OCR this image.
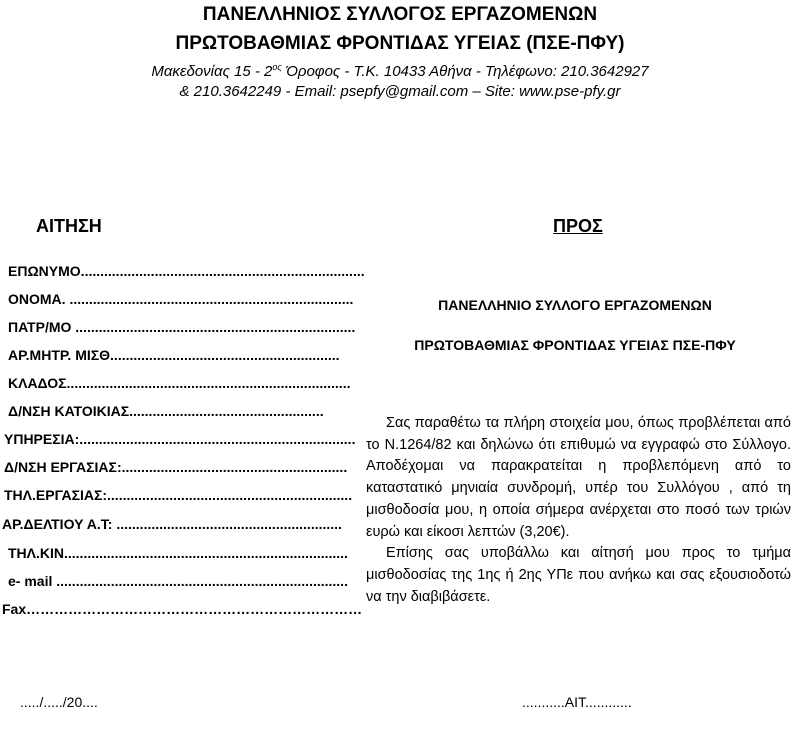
ΠΑΝΕΛΛΗΝΙΟΣ ΣΥΛΛΟΓΟΣ ΕΡΓΑΖΟΜΕΝΩΝ
ΠΡΩΤΟΒΑΘΜΙΑΣ ΦΡΟΝΤΙΔΑΣ ΥΓΕΙΑΣ (ΠΣΕ-ΠΦΥ)
Μακεδονίας $15 - 2^{o\varsigma}$ Όροφος - Τ.Κ. 10433 Αθήνα - Τηλέφωνο: 210.3642927
& 210.3642249 - Email: psepfy@gmail.com – Site: www.pse-pfy.gr
ΑΙΤΗΣΗ
ΕΠΩΝΥΜΟ.........................................................................
ΟΝΟΜΑ. .........................................................................
ΠΑΤΡ/ΜΟ ........................................................................
ΑΡ.ΜΗΤΡ. ΜΙΣΘ...........................................................
ΚΛΑΔΟΣ.........................................................................
Δ/ΝΣΗ ΚΑΤΟΙΚΙΑΣ..................................................
ΥΠΗΡΕΣΙΑ:.......................................................................
Δ/ΝΣΗ ΕΡΓΑΣΙΑΣ:..........................................................
ΤΗΛ.ΕΡΓΑΣΙΑΣ:...............................................................
ΑΡ.ΔΕΛΤΙΟΥ Α.Τ: ..........................................................
ΤΗΛ.ΚΙΝ.........................................................................
e- mail ...........................................................................
Fax………………………………………………………………
ΠΡΟΣ
ΠΑΝΕΛΛΗΝΙΟ ΣΥΛΛΟΓΟ ΕΡΓΑΖΟΜΕΝΩΝ
ΠΡΩΤΟΒΑΘΜΙΑΣ ΦΡΟΝΤΙΔΑΣ ΥΓΕΙΑΣ ΠΣΕ-ΠΦΥ

Σας παραθέτω τα πλήρη στοιχεία μου, όπως προβλέπεται από το Ν.1264/82 και δηλώνω ότι επιθυμώ να εγγραφώ στο Σύλλογο. Αποδέχομαι να παρακρατείται η προβλεπόμενη από το καταστατικό μηνιαία συνδρομή, υπέρ του Συλλόγου , από τη μισθοδοσία μου, η οποία σήμερα ανέρχεται στο ποσό των τριών ευρώ και είκοσι λεπτών (3,20€).

Επίσης σας υποβάλλω και αίτησή μου προς το τμήμα μισθοδοσίας της 1ης ή 2ης ΥΠε που ανήκω και σας εξουσιοδοτώ να την διαβιβάσετε.

...../...../20....	...........ΑΙΤ............
